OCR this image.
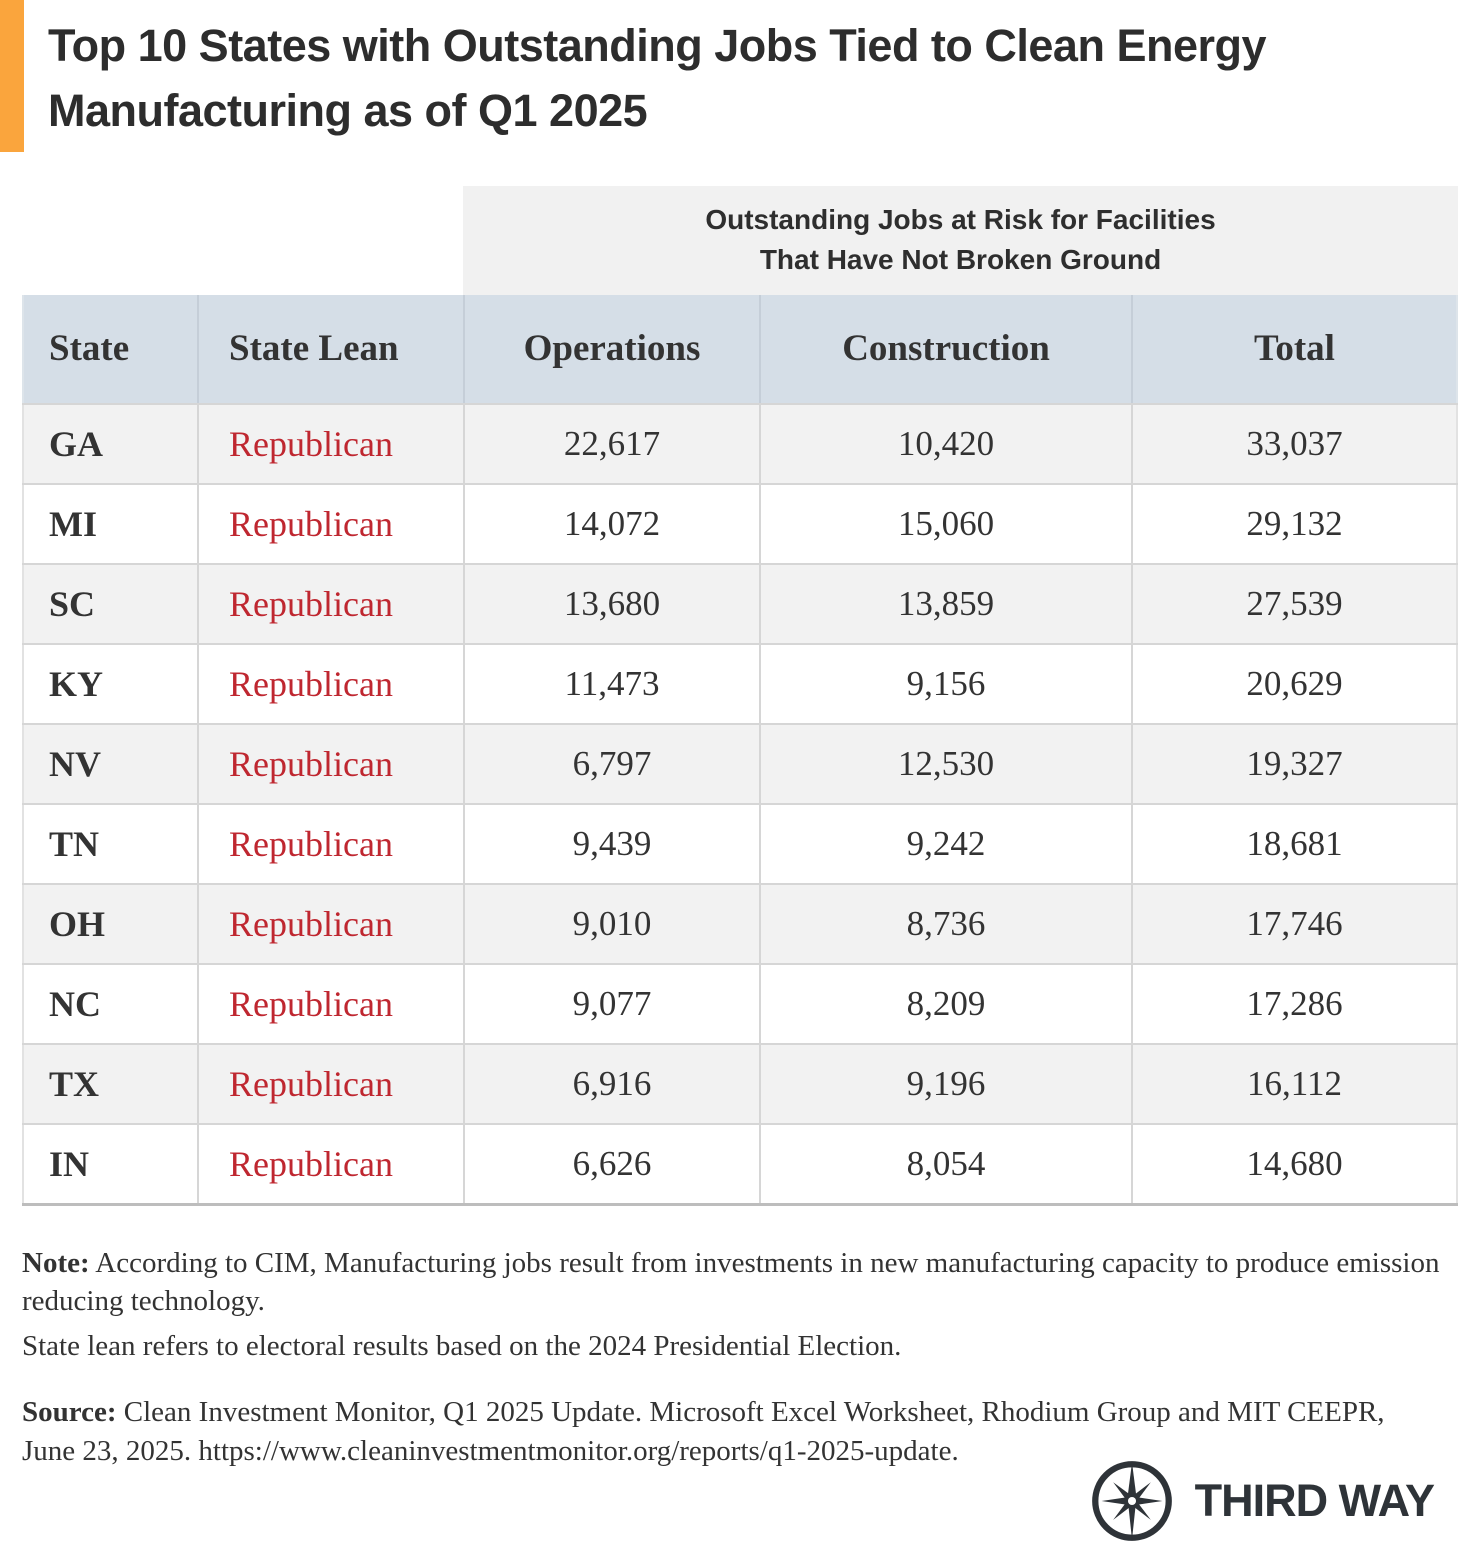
Top 10 States with Outstanding Jobs Tied to Clean Energy Manufacturing as of Q1 2025
Outstanding Jobs at Risk for Facilities
That Have Not Broken Ground
State	State Lean	Operations	Construction	Total
GA	Republican	22,617	10,420	33,037
MI	Republican	14,072	15,060	29,132
SC	Republican	13,680	13,859	27,539
KY	Republican	11,473	9,156	20,629
NV	Republican	6,797	12,530	19,327
TN	Republican	9,439	9,242	18,681
OH	Republican	9,010	8,736	17,746
NC	Republican	9,077	8,209	17,286
TX	Republican	6,916	9,196	16,112
IN	Republican	6,626	8,054	14,680

Note: According to CIM, Manufacturing jobs result from investments in new manufacturing capacity to produce emission reducing technology.

State lean refers to electoral results based on the 2024 Presidential Election.

Source: Clean Investment Monitor, Q1 2025 Update. Microsoft Excel Worksheet, Rhodium Group and MIT CEEPR, June 23, 2025. https://www.cleaninvestmentmonitor.org/reports/q1-2025-update.

THIRD WAY
